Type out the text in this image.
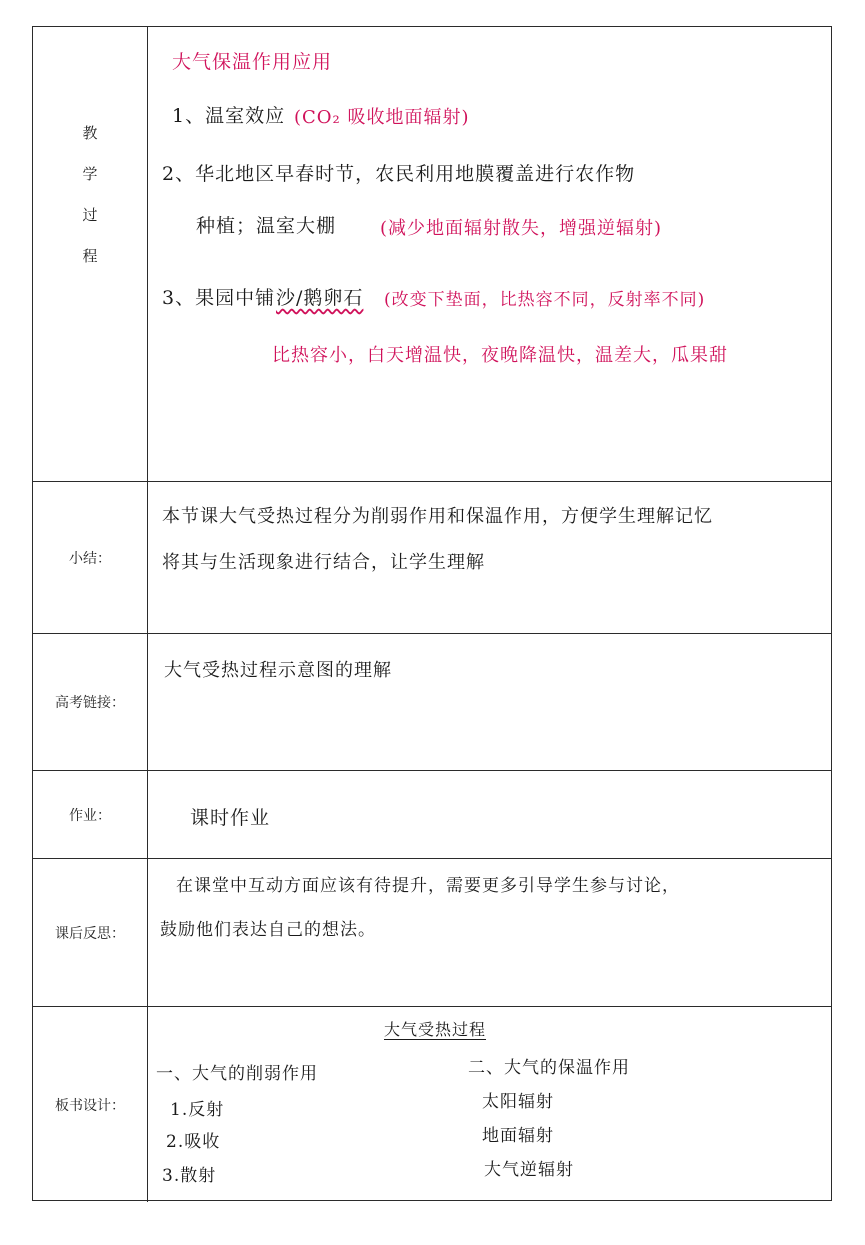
教
学
过
程
大气保温作用应用
1、温室效应 (CO₂ 吸收地面辐射)
2、华北地区早春时节，农民利用地膜覆盖进行农作物
种植；温室大棚 (减少地面辐射散失，增强逆辐射)
3、果园中铺 沙/鹅卵石 (改变下垫面，比热容不同，反射率不同)
比热容小，白天增温快，夜晚降温快，温差大，瓜果甜
小结：
本节课大气受热过程分为削弱作用和保温作用，方便学生理解记忆
将其与生活现象进行结合，让学生理解
高考链接：
大气受热过程示意图的理解
作业：	课时作业
课后反思：
在课堂中互动方面应该有待提升，需要更多引导学生参与讨论，
鼓励他们表达自己的想法。
板书设计：
大气受热过程
一、大气的削弱作用
1.反射
2.吸收
3.散射
二、大气的保温作用
太阳辐射
地面辐射
大气逆辐射
